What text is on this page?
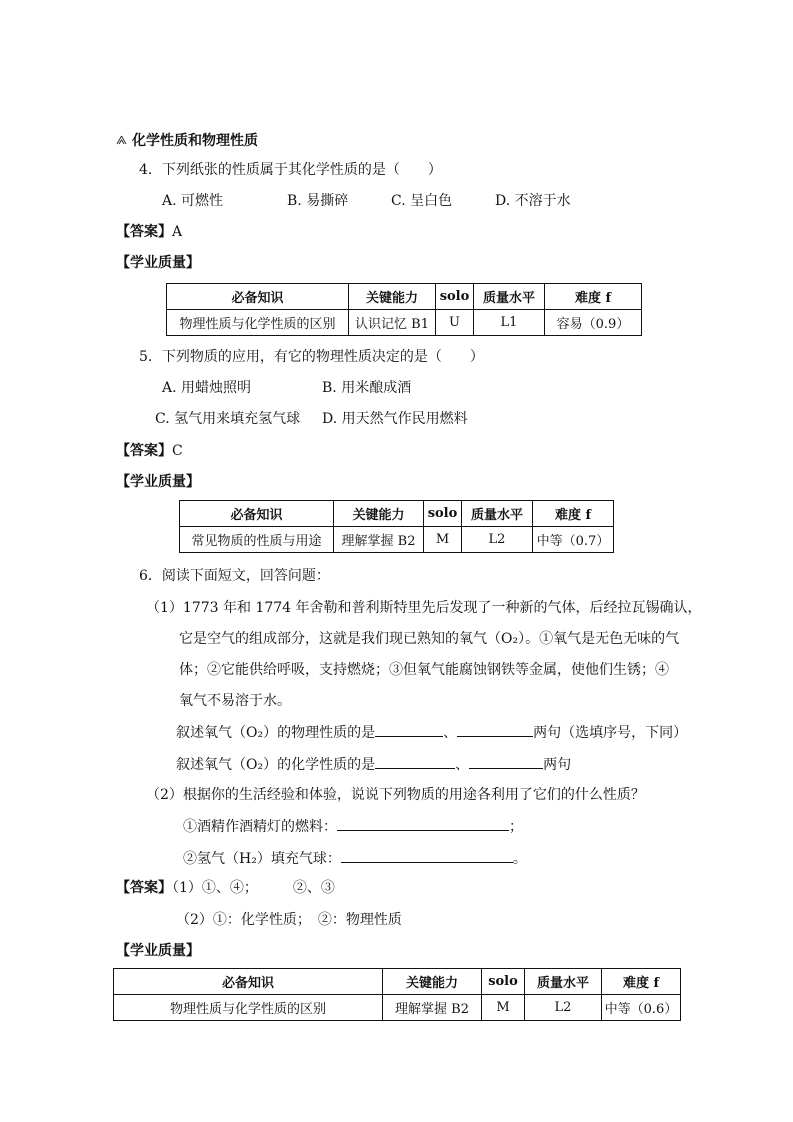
化学性质和物理性质
4．下列纸张的性质属于其化学性质的是（　　）
A. 可燃性	B. 易撕碎	C. 呈白色	D. 不溶于水
【答案】A
【学业质量】
必备知识	关键能力	solo	质量水平	难度 f
物理性质与化学性质的区别	认识记忆 B1	U	L1	容易（0.9）
5．下列物质的应用，有它的物理性质决定的是（　　）
A. 用蜡烛照明	B. 用米酿成酒
C. 氢气用来填充氢气球 D. 用天然气作民用燃料
【答案】C
【学业质量】
必备知识	关键能力	solo	质量水平	难度 f
常见物质的性质与用途	理解掌握 B2	M	L2	中等（0.7）
6．阅读下面短文，回答问题：
（1）1773 年和 1774 年舍勒和普利斯特里先后发现了一种新的气体，后经拉瓦锡确认，
它是空气的组成部分，这就是我们现已熟知的氧气（O₂）。①氧气是无色无味的气
体；②它能供给呼吸，支持燃烧；③但氧气能腐蚀钢铁等金属，使他们生锈；④
氧气不易溶于水。
叙述氧气（O₂）的物理性质的是	、	两句（选填序号，下同）
叙述氧气（O₂）的化学性质的是	、	两句
（2）根据你的生活经验和体验，说说下列物质的用途各利用了它们的什么性质？
①酒精作酒精灯的燃料：	；
②氢气（H₂）填充气球：	。
【答案】（1）①、④；　　　②、③
（2）①：化学性质；　②：物理性质
【学业质量】
必备知识	关键能力	solo	质量水平	难度 f
物理性质与化学性质的区别	理解掌握 B2	M	L2	中等（0.6）
